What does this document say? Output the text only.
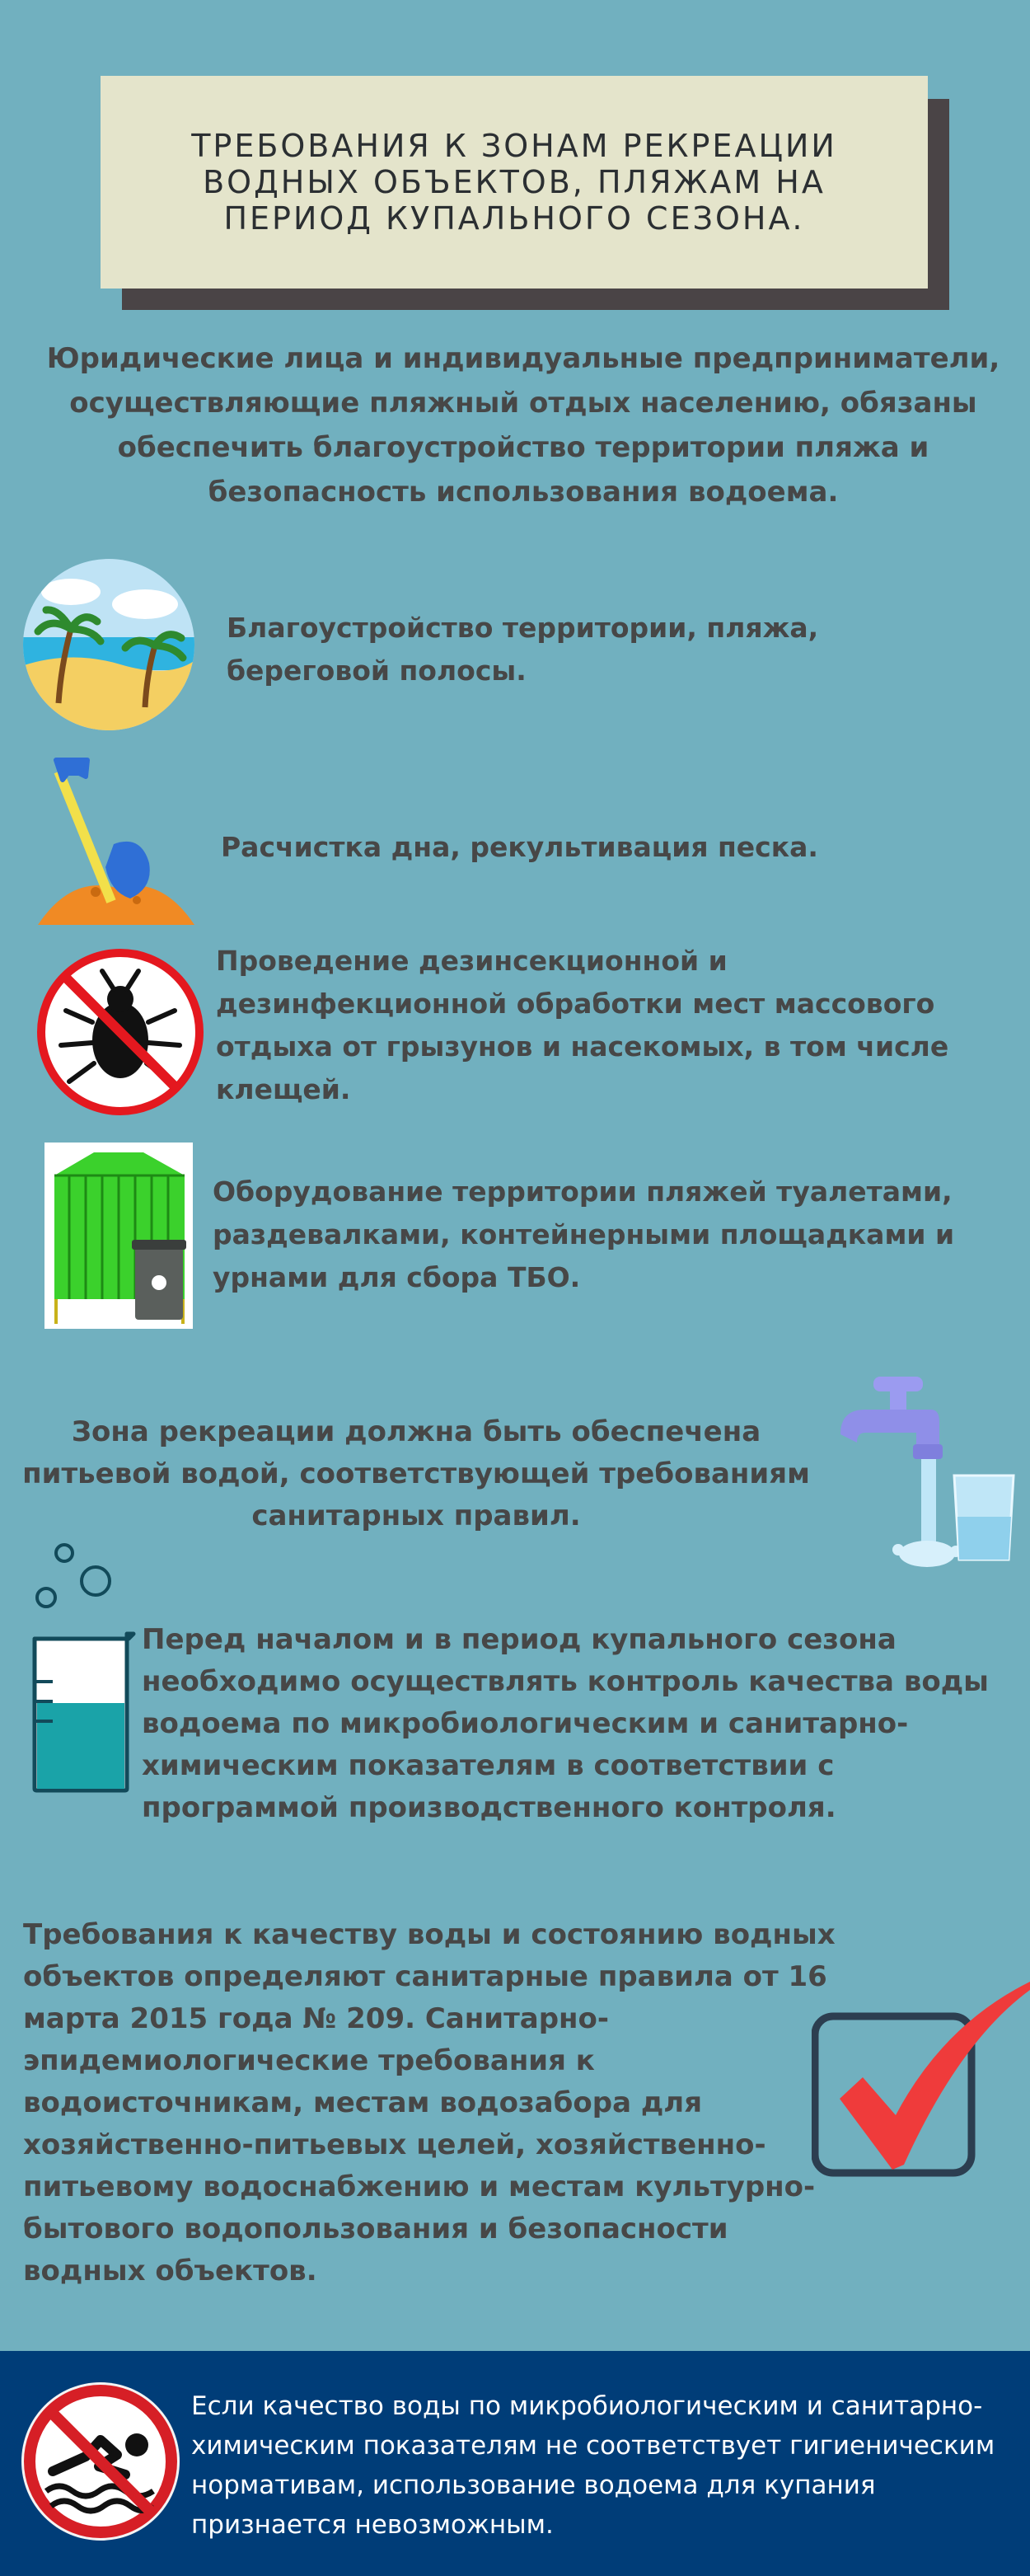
ТРЕБОВАНИЯ К ЗОНАМ РЕКРЕАЦИИ
ВОДНЫХ ОБЪЕКТОВ, ПЛЯЖАМ НА
ПЕРИОД КУПАЛЬНОГО СЕЗОНА.

Юридические лица и индивидуальные предприниматели, осуществляющие пляжный отдых населению, обязаны обеспечить благоустройство территории пляжа и безопасность использования водоема.

Благоустройство территории, пляжа, береговой полосы.

Расчистка дна, рекультивация песка.

Проведение дезинсекционной и дезинфекционной обработки мест массового отдыха от грызунов и насекомых, в том числе клещей.

Оборудование территории пляжей туалетами, раздевалками, контейнерными площадками и урнами для сбора ТБО.

Зона рекреации должна быть обеспечена питьевой водой, соответствующей требованиям санитарных правил.

Перед началом и в период купального сезона необходимо осуществлять контроль качества воды водоема по микробиологическим и санитарно-химическим показателям в соответствии с программой производственного контроля.

Требования к качеству воды и состоянию водных объектов определяют санитарные правила от 16 марта 2015 года № 209. Санитарно-эпидемиологические требования к водоисточникам, местам водозабора для хозяйственно-питьевых целей, хозяйственно-питьевому водоснабжению и местам культурно-бытового водопользования и безопасности водных объектов.

Если качество воды по микробиологическим и санитарно-химическим показателям не соответствует гигиеническим нормативам, использование водоема для купания признается невозможным.
